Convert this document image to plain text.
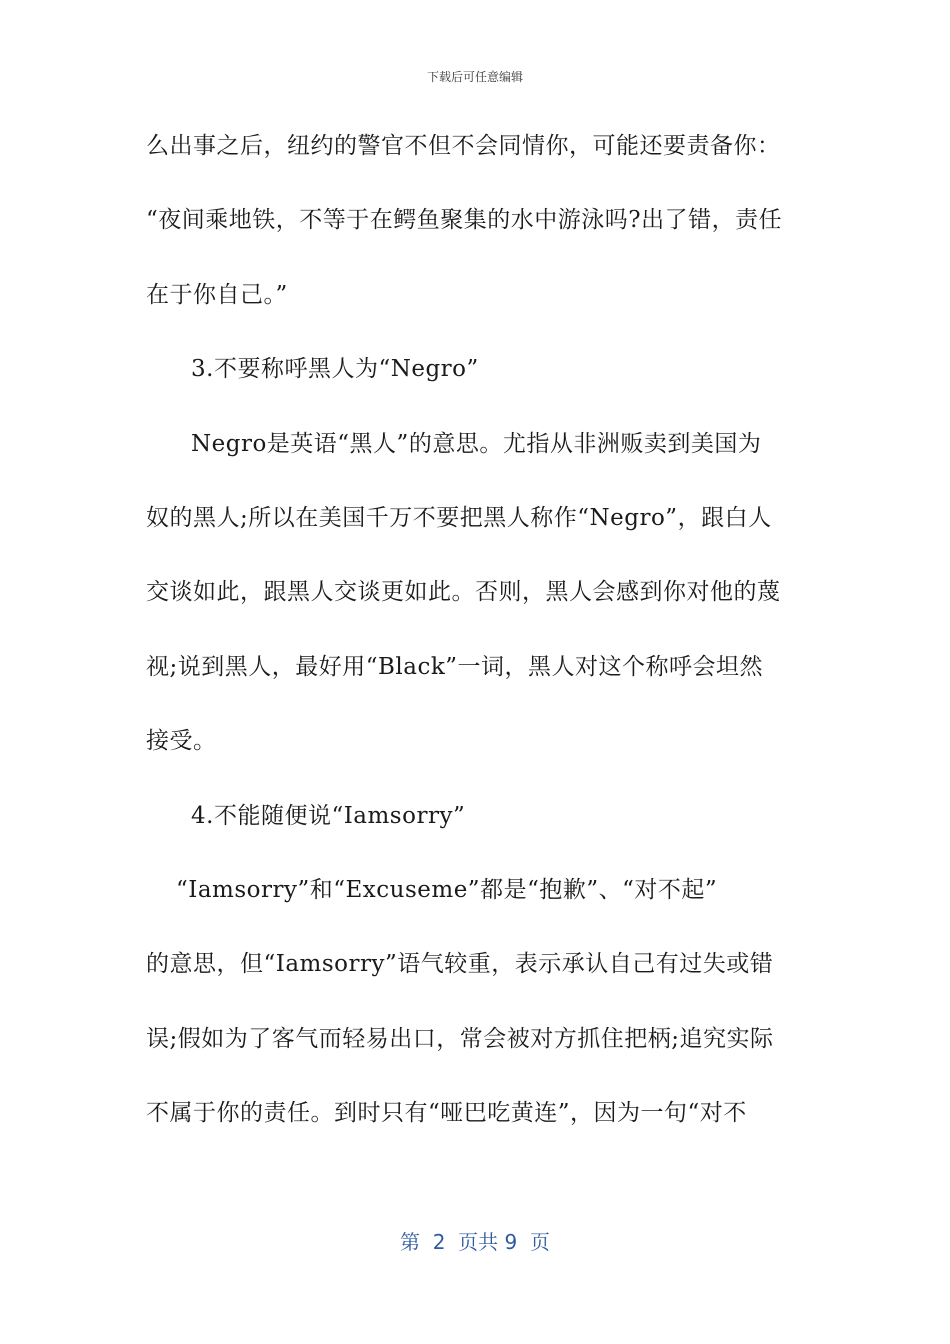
下载后可任意编辑
么出事之后，纽约的警官不但不会同情你，可能还要责备你：
“夜间乘地铁，不等于在鳄鱼聚集的水中游泳吗?出了错，责任
在于你自己。”
3.不要称呼黑人为“Negro”
Negro是英语“黑人”的意思。尤指从非洲贩卖到美国为
奴的黑人;所以在美国千万不要把黑人称作“Negro”，跟白人
交谈如此，跟黑人交谈更如此。否则，黑人会感到你对他的蔑
视;说到黑人，最好用“Black”一词，黑人对这个称呼会坦然
接受。
4.不能随便说“Iamsorry”
“Iamsorry”和“Excuseme”都是“抱歉”、“对不起”
的意思，但“Iamsorry”语气较重，表示承认自己有过失或错
误;假如为了客气而轻易出口，常会被对方抓住把柄;追究实际
不属于你的责任。到时只有“哑巴吃黄连”，因为一句“对不
第  2  页共 9  页
